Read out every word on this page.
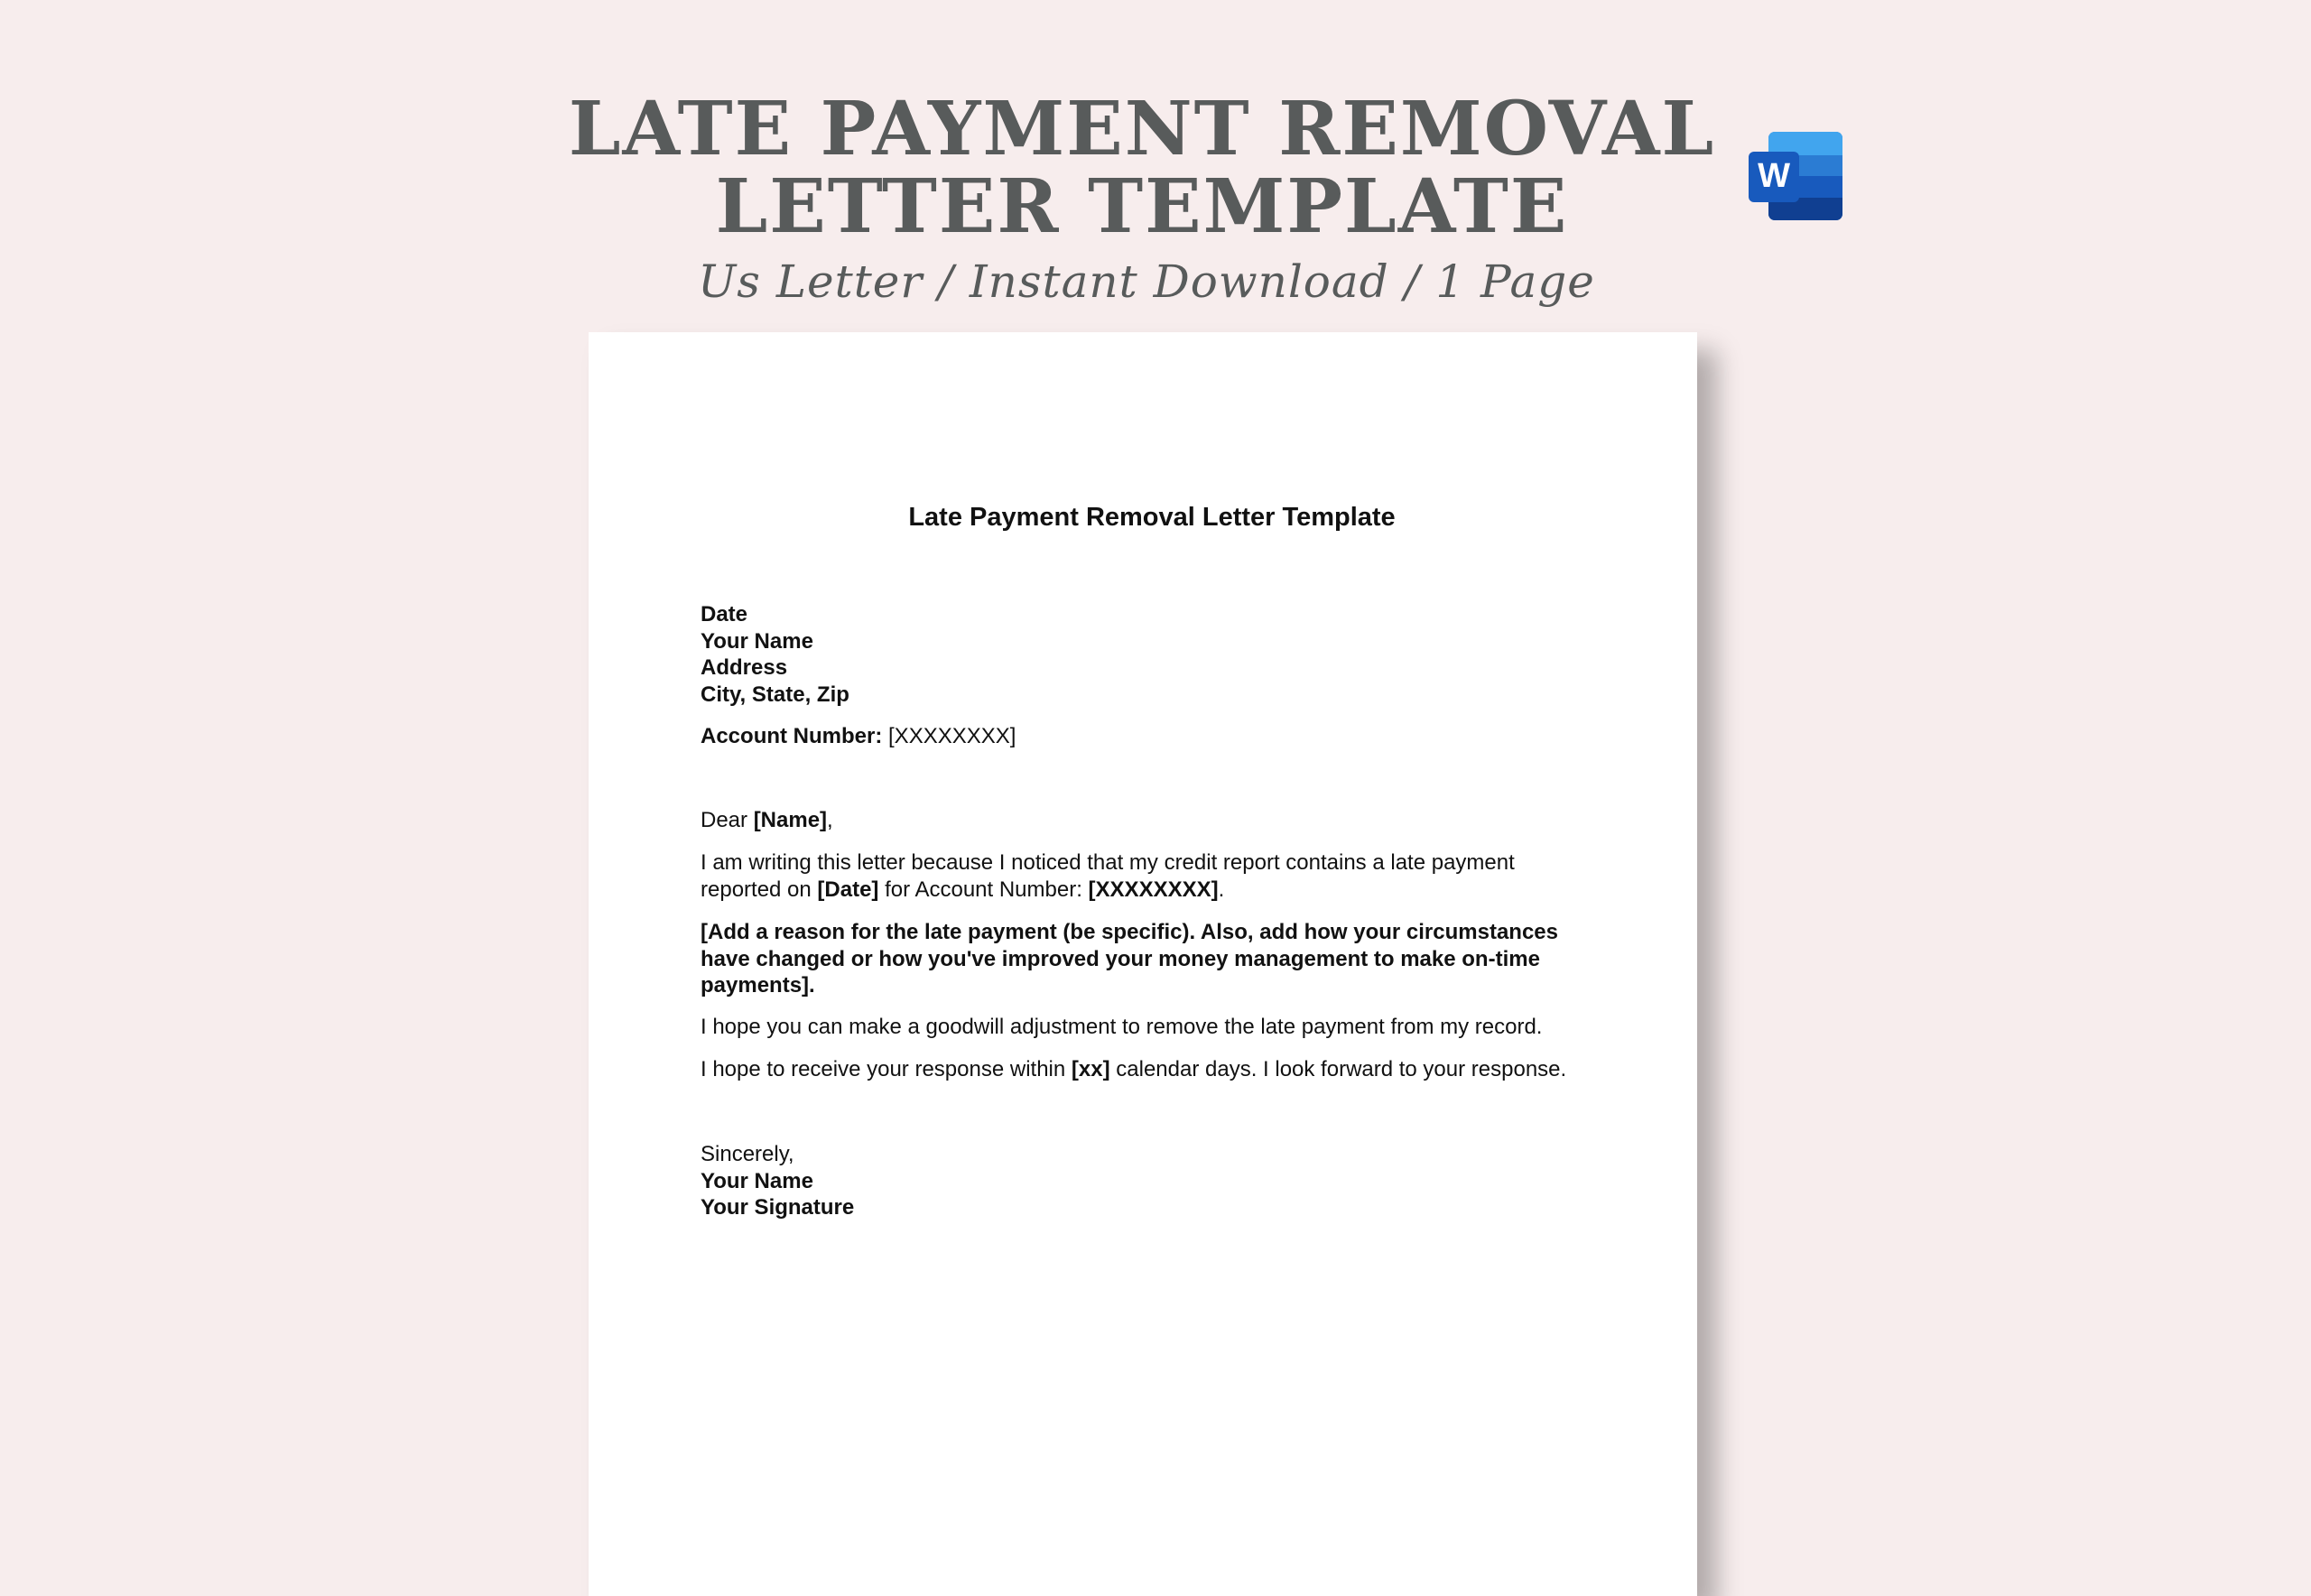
LATE PAYMENT REMOVAL
LETTER TEMPLATE

Us Letter / Instant Download / 1 Page

W
Late Payment Removal Letter Template
Date
Your Name
Address
City, State, Zip

Account Number: [XXXXXXXX]

Dear [Name],

I am writing this letter because I noticed that my credit report contains a late payment
reported on [Date] for Account Number: [XXXXXXXX].

[Add a reason for the late payment (be specific). Also, add how your circumstances
have changed or how you've improved your money management to make on-time
payments].

I hope you can make a goodwill adjustment to remove the late payment from my record.

I hope to receive your response within [xx] calendar days. I look forward to your response.

Sincerely,
Your Name
Your Signature
